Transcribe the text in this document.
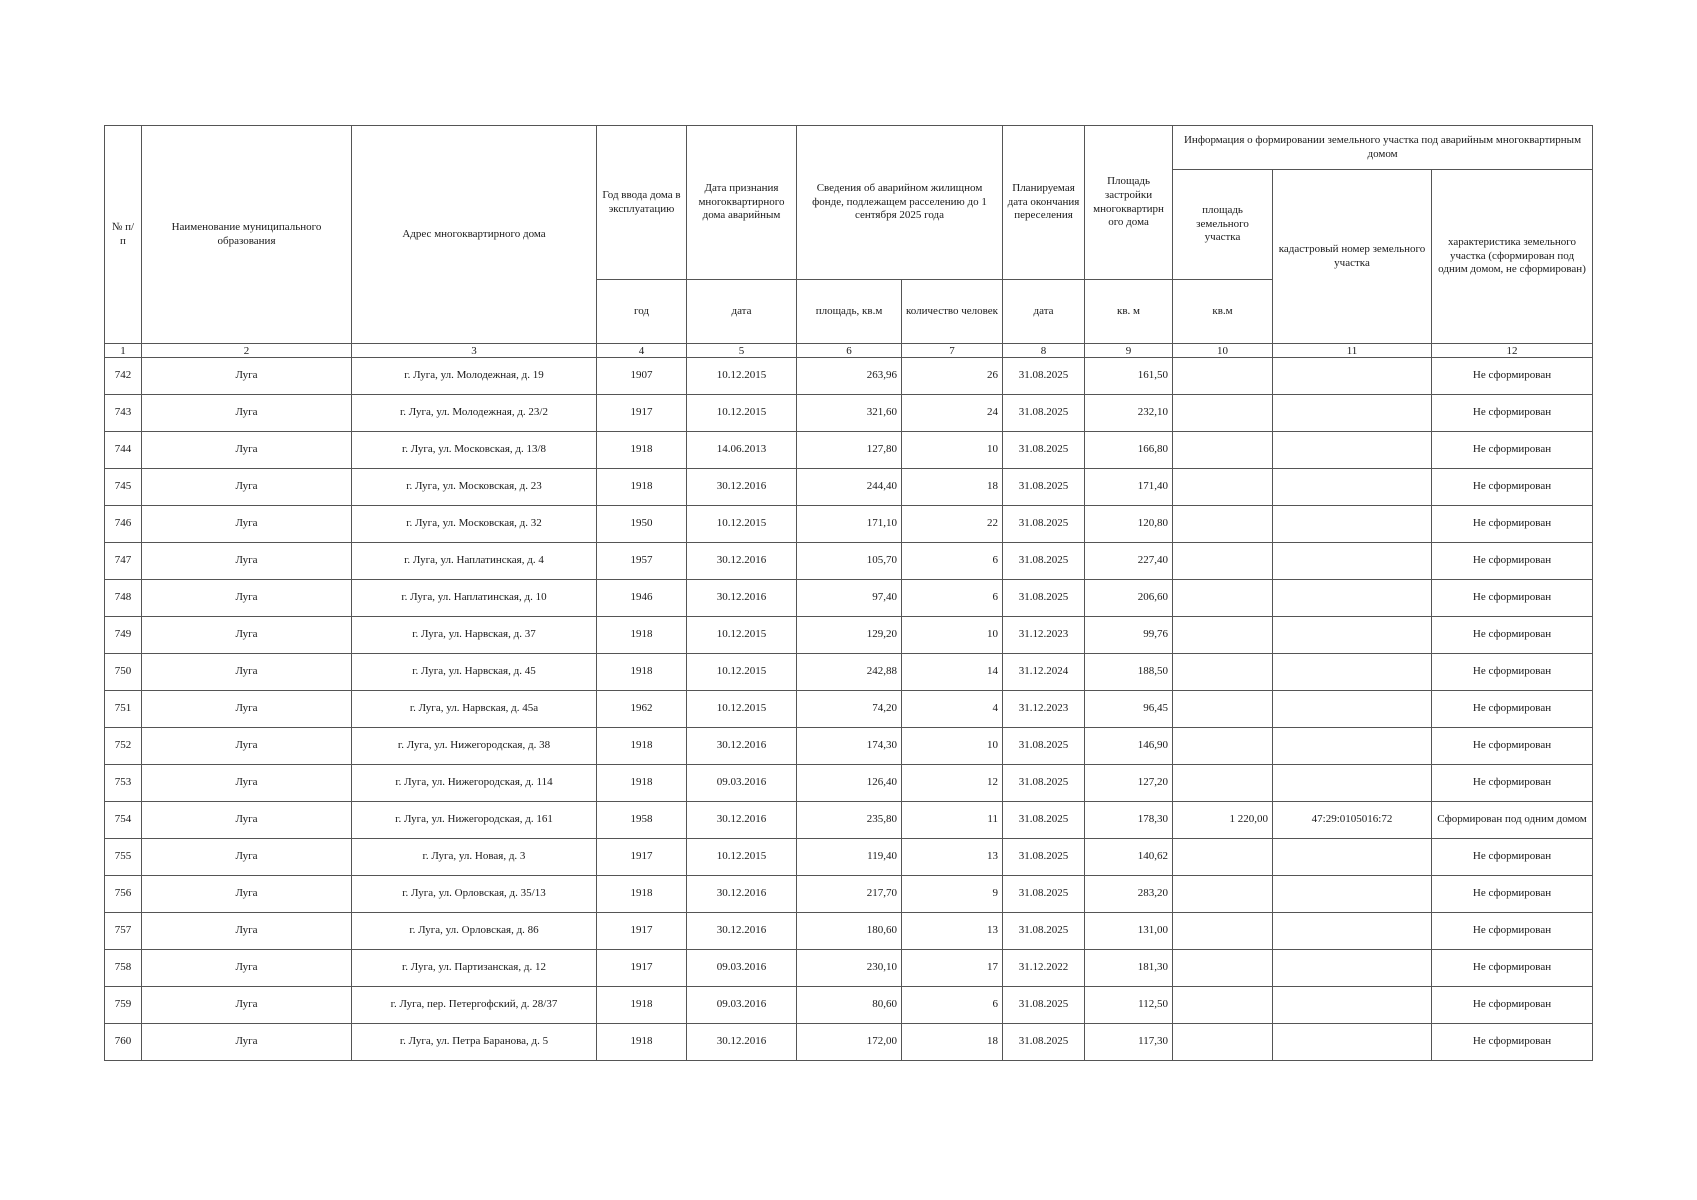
№ п/п	Наименование муниципального образования	Адрес многоквартирного дома	Год ввода дома в эксплуатацию	Дата признания многоквартирного дома аварийным	Сведения об аварийном жилищном фонде, подлежащем расселению до 1 сентября 2025 года		Планируемая дата окончания переселения	Площадь застройки многоквартирн ого дома	Информация о формировании земельного участка под аварийным многоквартирным домом		
									площадь земельного участка	кадастровый номер земельного участка	характеристика земельного участка (сформирован под одним домом, не сформирован)
			год	дата	площадь, кв.м	количество человек	дата	кв. м	кв.м		
1	2	3	4	5	6	7	8	9	10	11	12
742	Луга	г. Луга, ул. Молодежная, д. 19	1907	10.12.2015	263,96	26	31.08.2025	161,50			Не сформирован
743	Луга	г. Луга, ул. Молодежная, д. 23/2	1917	10.12.2015	321,60	24	31.08.2025	232,10			Не сформирован
744	Луга	г. Луга, ул. Московская, д. 13/8	1918	14.06.2013	127,80	10	31.08.2025	166,80			Не сформирован
745	Луга	г. Луга, ул. Московская, д. 23	1918	30.12.2016	244,40	18	31.08.2025	171,40			Не сформирован
746	Луга	г. Луга, ул. Московская, д. 32	1950	10.12.2015	171,10	22	31.08.2025	120,80			Не сформирован
747	Луга	г. Луга, ул. Наплатинская, д. 4	1957	30.12.2016	105,70	6	31.08.2025	227,40			Не сформирован
748	Луга	г. Луга, ул. Наплатинская, д. 10	1946	30.12.2016	97,40	6	31.08.2025	206,60			Не сформирован
749	Луга	г. Луга, ул. Нарвская, д. 37	1918	10.12.2015	129,20	10	31.12.2023	99,76			Не сформирован
750	Луга	г. Луга, ул. Нарвская, д. 45	1918	10.12.2015	242,88	14	31.12.2024	188,50			Не сформирован
751	Луга	г. Луга, ул. Нарвская, д. 45а	1962	10.12.2015	74,20	4	31.12.2023	96,45			Не сформирован
752	Луга	г. Луга, ул. Нижегородская, д. 38	1918	30.12.2016	174,30	10	31.08.2025	146,90			Не сформирован
753	Луга	г. Луга, ул. Нижегородская, д. 114	1918	09.03.2016	126,40	12	31.08.2025	127,20			Не сформирован
754	Луга	г. Луга, ул. Нижегородская, д. 161	1958	30.12.2016	235,80	11	31.08.2025	178,30	1 220,00	47:29:0105016:72	Сформирован под одним домом
755	Луга	г. Луга, ул. Новая, д. 3	1917	10.12.2015	119,40	13	31.08.2025	140,62			Не сформирован
756	Луга	г. Луга, ул. Орловская, д. 35/13	1918	30.12.2016	217,70	9	31.08.2025	283,20			Не сформирован
757	Луга	г. Луга, ул. Орловская, д. 86	1917	30.12.2016	180,60	13	31.08.2025	131,00			Не сформирован
758	Луга	г. Луга, ул. Партизанская, д. 12	1917	09.03.2016	230,10	17	31.12.2022	181,30			Не сформирован
759	Луга	г. Луга, пер. Петергофский, д. 28/37	1918	09.03.2016	80,60	6	31.08.2025	112,50			Не сформирован
760	Луга	г. Луга, ул. Петра Баранова, д. 5	1918	30.12.2016	172,00	18	31.08.2025	117,30			Не сформирован
